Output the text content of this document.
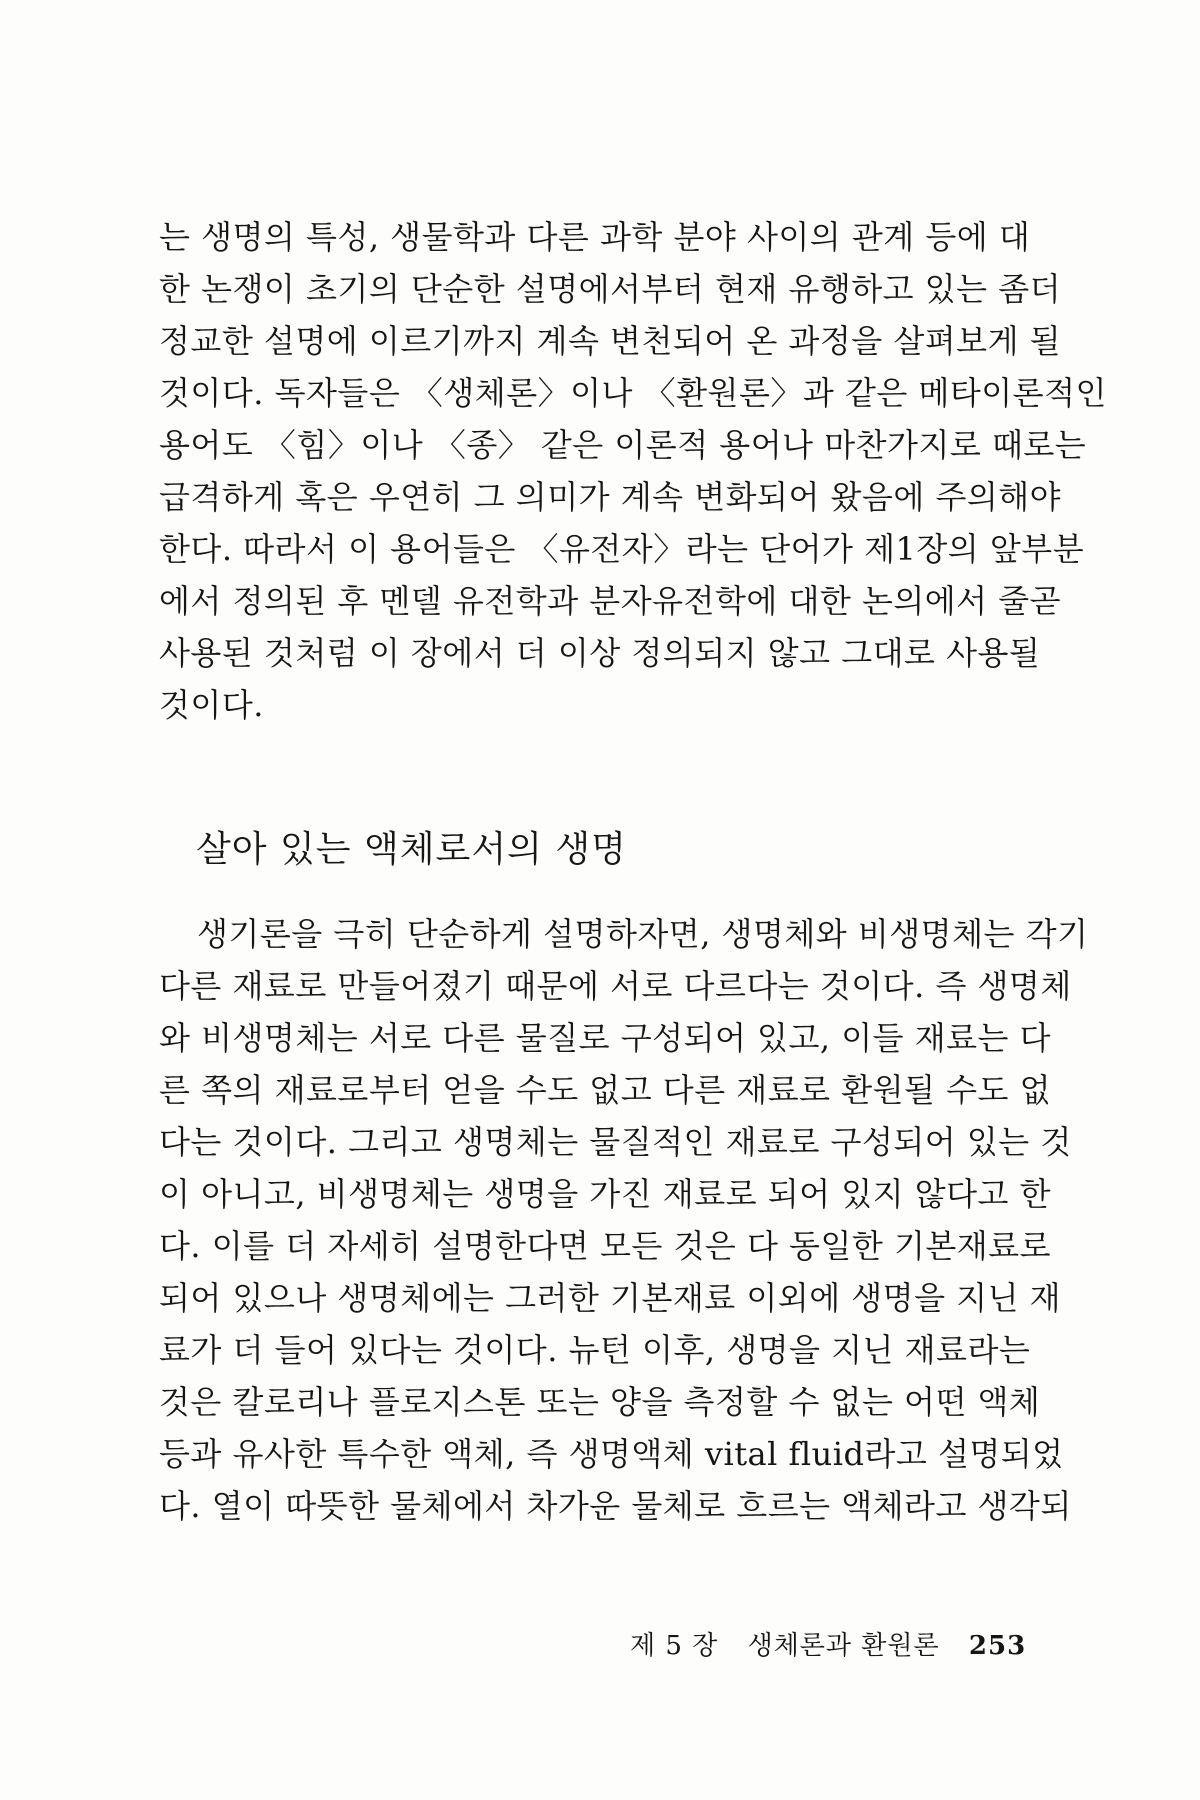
는 생명의 특성, 생물학과 다른 과학 분야 사이의 관계 등에 대
한 논쟁이 초기의 단순한 설명에서부터 현재 유행하고 있는 좀더
정교한 설명에 이르기까지 계속 변천되어 온 과정을 살펴보게 될
것이다. 독자들은 〈생체론〉이나 〈환원론〉과 같은 메타이론적인
용어도 〈힘〉이나 〈종〉 같은 이론적 용어나 마찬가지로 때로는
급격하게 혹은 우연히 그 의미가 계속 변화되어 왔음에 주의해야
한다. 따라서 이 용어들은 〈유전자〉라는 단어가 제1장의 앞부분
에서 정의된 후 멘델 유전학과 분자유전학에 대한 논의에서 줄곧
사용된 것처럼 이 장에서 더 이상 정의되지 않고 그대로 사용될
것이다.
살아 있는 액체로서의 생명
생기론을 극히 단순하게 설명하자면, 생명체와 비생명체는 각기
다른 재료로 만들어졌기 때문에 서로 다르다는 것이다. 즉 생명체
와 비생명체는 서로 다른 물질로 구성되어 있고, 이들 재료는 다
른 쪽의 재료로부터 얻을 수도 없고 다른 재료로 환원될 수도 없
다는 것이다. 그리고 생명체는 물질적인 재료로 구성되어 있는 것
이 아니고, 비생명체는 생명을 가진 재료로 되어 있지 않다고 한
다. 이를 더 자세히 설명한다면 모든 것은 다 동일한 기본재료로
되어 있으나 생명체에는 그러한 기본재료 이외에 생명을 지닌 재
료가 더 들어 있다는 것이다. 뉴턴 이후, 생명을 지닌 재료라는
것은 칼로리나 플로지스톤 또는 양을 측정할 수 없는 어떤 액체
등과 유사한 특수한 액체, 즉 생명액체 vital fluid라고 설명되었
다. 열이 따뜻한 물체에서 차가운 물체로 흐르는 액체라고 생각되
제 5 장 생체론과 환원론 253
